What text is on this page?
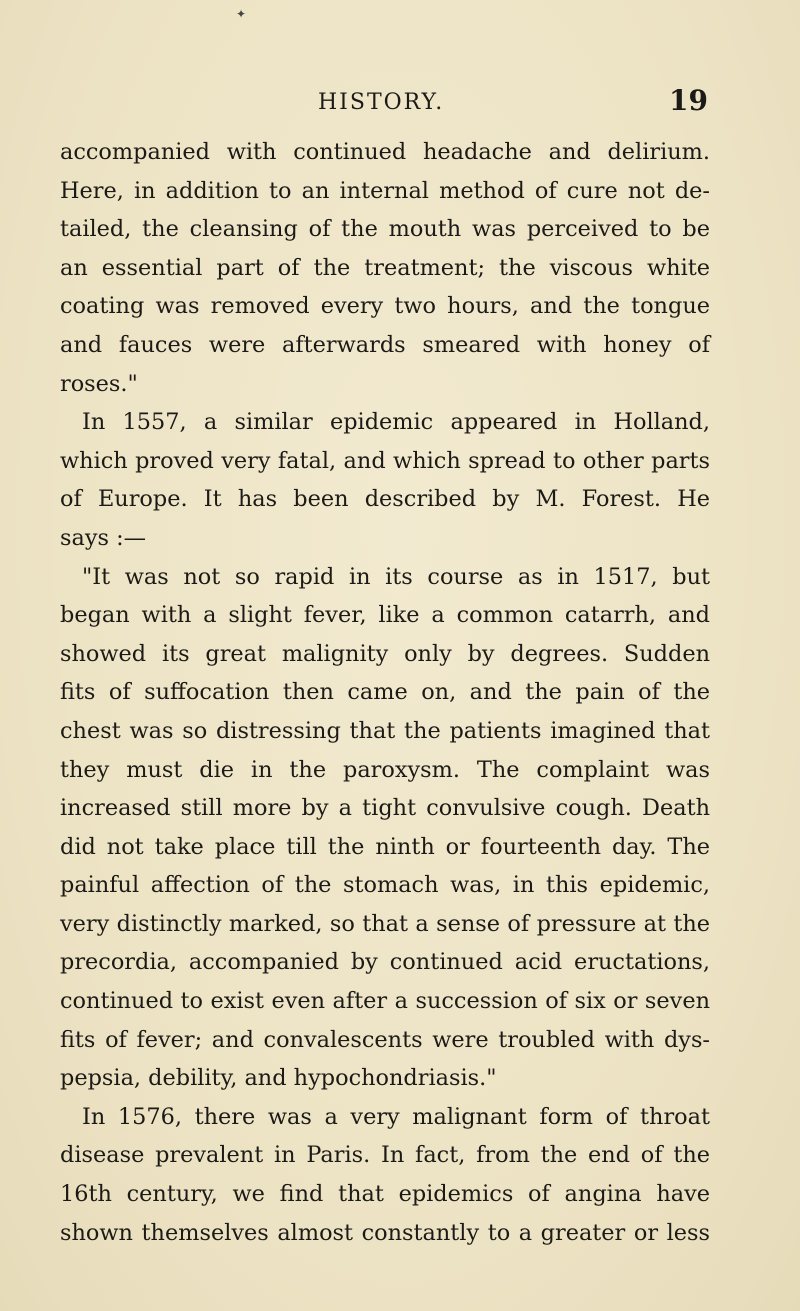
✦
HISTORY.	19
accompanied with continued headache and delirium.
Here, in addition to an internal method of cure not de-
tailed, the cleansing of the mouth was perceived to be
an essential part of the treatment; the viscous white
coating was removed every two hours, and the tongue
and fauces were afterwards smeared with honey of
roses."
In 1557, a similar epidemic appeared in Holland,
which proved very fatal, and which spread to other parts
of Europe. It has been described by M. Forest. He
says :—
"It was not so rapid in its course as in 1517, but
began with a slight fever, like a common catarrh, and
showed its great malignity only by degrees. Sudden
fits of suffocation then came on, and the pain of the
chest was so distressing that the patients imagined that
they must die in the paroxysm. The complaint was
increased still more by a tight convulsive cough. Death
did not take place till the ninth or fourteenth day. The
painful affection of the stomach was, in this epidemic,
very distinctly marked, so that a sense of pressure at the
precordia, accompanied by continued acid eructations,
continued to exist even after a succession of six or seven
fits of fever; and convalescents were troubled with dys-
pepsia, debility, and hypochondriasis."
In 1576, there was a very malignant form of throat
disease prevalent in Paris. In fact, from the end of the
16th century, we find that epidemics of angina have
shown themselves almost constantly to a greater or less
